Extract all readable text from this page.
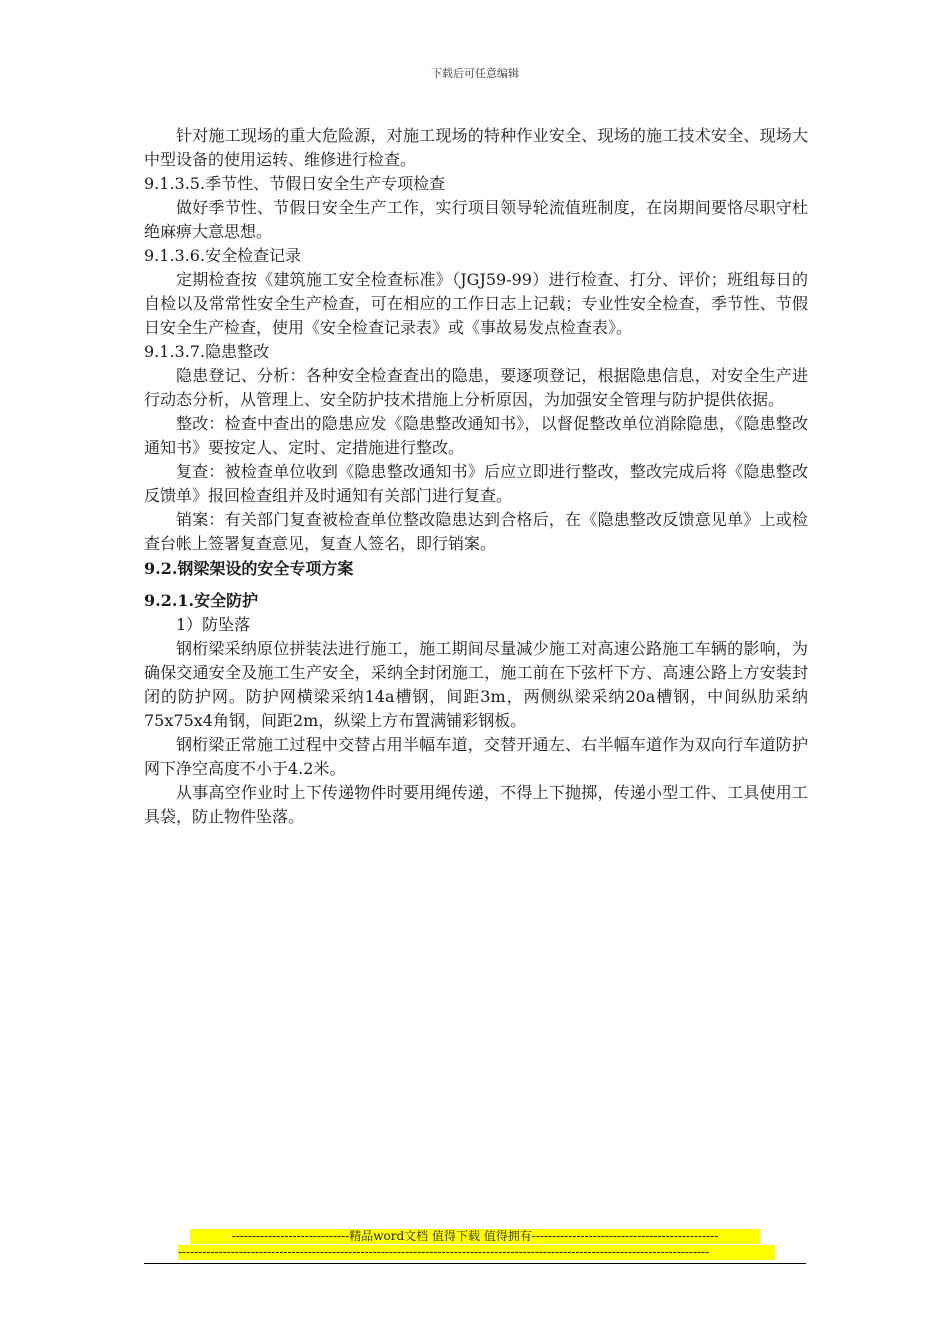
下载后可任意编辑

针对施工现场的重大危险源，对施工现场的特种作业安全、现场的施工技术安全、现场大中型设备的使用运转、维修进行检查。

9.1.3.5.季节性、节假日安全生产专项检查

做好季节性、节假日安全生产工作，实行项目领导轮流值班制度，在岗期间要恪尽职守杜绝麻痹大意思想。

9.1.3.6.安全检查记录

定期检查按《建筑施工安全检查标准》（JGJ59-99）进行检查、打分、评价；班组每日的自检以及常常性安全生产检查，可在相应的工作日志上记载；专业性安全检查，季节性、节假日安全生产检查，使用《安全检查记录表》或《事故易发点检查表》。

9.1.3.7.隐患整改

隐患登记、分析：各种安全检查查出的隐患，要逐项登记，根据隐患信息，对安全生产进行动态分析，从管理上、安全防护技术措施上分析原因，为加强安全管理与防护提供依据。

整改：检查中查出的隐患应发《隐患整改通知书》，以督促整改单位消除隐患，《隐患整改通知书》要按定人、定时、定措施进行整改。

复查：被检查单位收到《隐患整改通知书》后应立即进行整改，整改完成后将《隐患整改反馈单》报回检查组并及时通知有关部门进行复查。

销案：有关部门复查被检查单位整改隐患达到合格后，在《隐患整改反馈意见单》上或检查台帐上签署复查意见，复查人签名，即行销案。

9.2.钢梁架设的安全专项方案

9.2.1.安全防护

1）防坠落

钢桁梁采纳原位拼装法进行施工，施工期间尽量减少施工对高速公路施工车辆的影响，为确保交通安全及施工生产安全，采纳全封闭施工，施工前在下弦杆下方、高速公路上方安装封闭的防护网。防护网横梁采纳14a槽钢，间距3m，两侧纵梁采纳20a槽钢，中间纵肋采纳75x75x4角钢，间距2m，纵梁上方布置满铺彩钢板。

钢桁梁正常施工过程中交替占用半幅车道，交替开通左、右半幅车道作为双向行车道防护网下净空高度不小于4.2米。

从事高空作业时上下传递物件时要用绳传递，不得上下抛掷，传递小型工件、工具使用工具袋，防止物件坠落。

-----------------------------精品word文档 值得下载 值得拥有----------------------------------------------
-----------------------------------------------------------------------------------------------------------------------------------
